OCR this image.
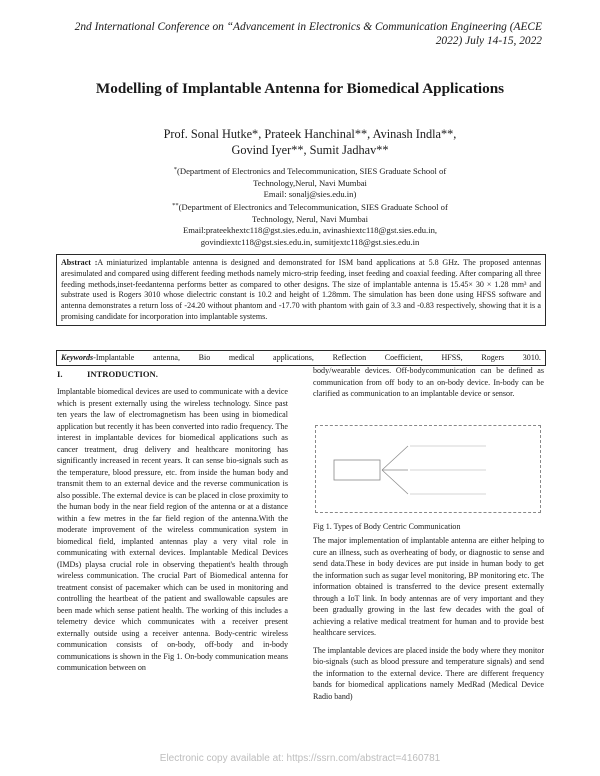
2nd International Conference on “Advancement in Electronics & Communication Engineering (AECE
2022) July 14-15, 2022
Modelling of Implantable Antenna for Biomedical Applications
Prof. Sonal Hutke*, Prateek Hanchinal**, Avinash Indla**,
Govind Iyer**, Sumit Jadhav**
*(Department of Electronics and Telecommunication, SIES Graduate School of
Technology,Nerul, Navi Mumbai
Email: sonalj@sies.edu.in)
**(Department of Electronics and Telecommunication, SIES Graduate School of
Technology, Nerul, Navi Mumbai
Email:prateekhextc118@gst.sies.edu.in, avinashiextc118@gst.sies.edu.in,
govindiextc118@gst.sies.edu.in, sumitjextc118@gst.sies.edu.in
Abstract :A miniaturized implantable antenna is designed and demonstrated for ISM band applications at 5.8 GHz. The proposed antennas aresimulated and compared using different feeding methods namely micro-strip feeding, inset feeding and coaxial feeding. After comparing all three feeding methods,inset-feedantenna performs better as compared to other designs. The size of implantable antenna is 15.45× 30 × 1.28 mm³ and substrate used is Rogers 3010 whose dielectric constant is 10.2 and height of 1.28mm. The simulation has been done using HFSS software and antenna demonstrates a return loss of -24.20 without phantom and -17.70 with phantom with gain of 3.3 and -0.83 respectively, showing that it is a promising candidate for incorporation into implantable systems.
Keywords-Implantable antenna, Bio medical applications, Reflection Coefficient, HFSS, Rogers 3010.
I.	INTRODUCTION.

Implantable biomedical devices are used to communicate with a device which is present externally using the wireless technology. Since past ten years the law of electromagnetism has been using in biomedical application but recently it has been converted into radio frequency. The interest in implantable devices for biomedical applications such as cancer treatment, drug delivery and healthcare monitoring has significantly increased in recent years. It can sense bio-signals such as the temperature, blood pressure, etc. from inside the human body and transmit them to an external device and the reverse communication is also possible. The external device is can be placed in close proximity to the human body in the near field region of the antenna or at a distance within a few metres in the far field region of the antenna.With the moderate improvement of the wireless communication system in biomedical field, implanted antennas play a very vital role in communicating with external devices. Implantable Medical Devices (IMDs) playsa crucial role in observing thepatient's health through wireless communication. The crucial Part of Biomedical antenna for treatment consist of pacemaker which can be used in monitoring and controlling the heartbeat of the patient and swallowable capsules are been made which sense patient health. The working of this includes a telemetry device which communicates with a receiver present externally outside using a receiver antenna. Body-centric wireless communication consists of on-body, off-body and in-body communications is shown in the Fig 1. On-body communication means communication between on

body/wearable devices. Off-bodycommunication can be defined as communication from off body to an on-body device. In-body can be clarified as communication to an implantable device or sensor.

Fig 1. Types of Body Centric Communication

The major implementation of implantable antenna are either helping to cure an illness, such as overheating of body, or diagnostic to sense and send data.These in body devices are put inside in human body to get the information such as sugar level monitoring, BP monitoring etc. The information obtained is transferred to the device present externally through a IoT link. In body antennas are of very important and they been gradually growing in the last few decades with the goal of achieving a relative medical treatment for human and to provide best healthcare services.

The implantable devices are placed inside the body where they monitor bio-signals (such as blood pressure and temperature signals) and send the information to the external device. There are different frequency bands for biomedical applications namely MedRad (Medical Device Radio band)

Electronic copy available at: https://ssrn.com/abstract=4160781
